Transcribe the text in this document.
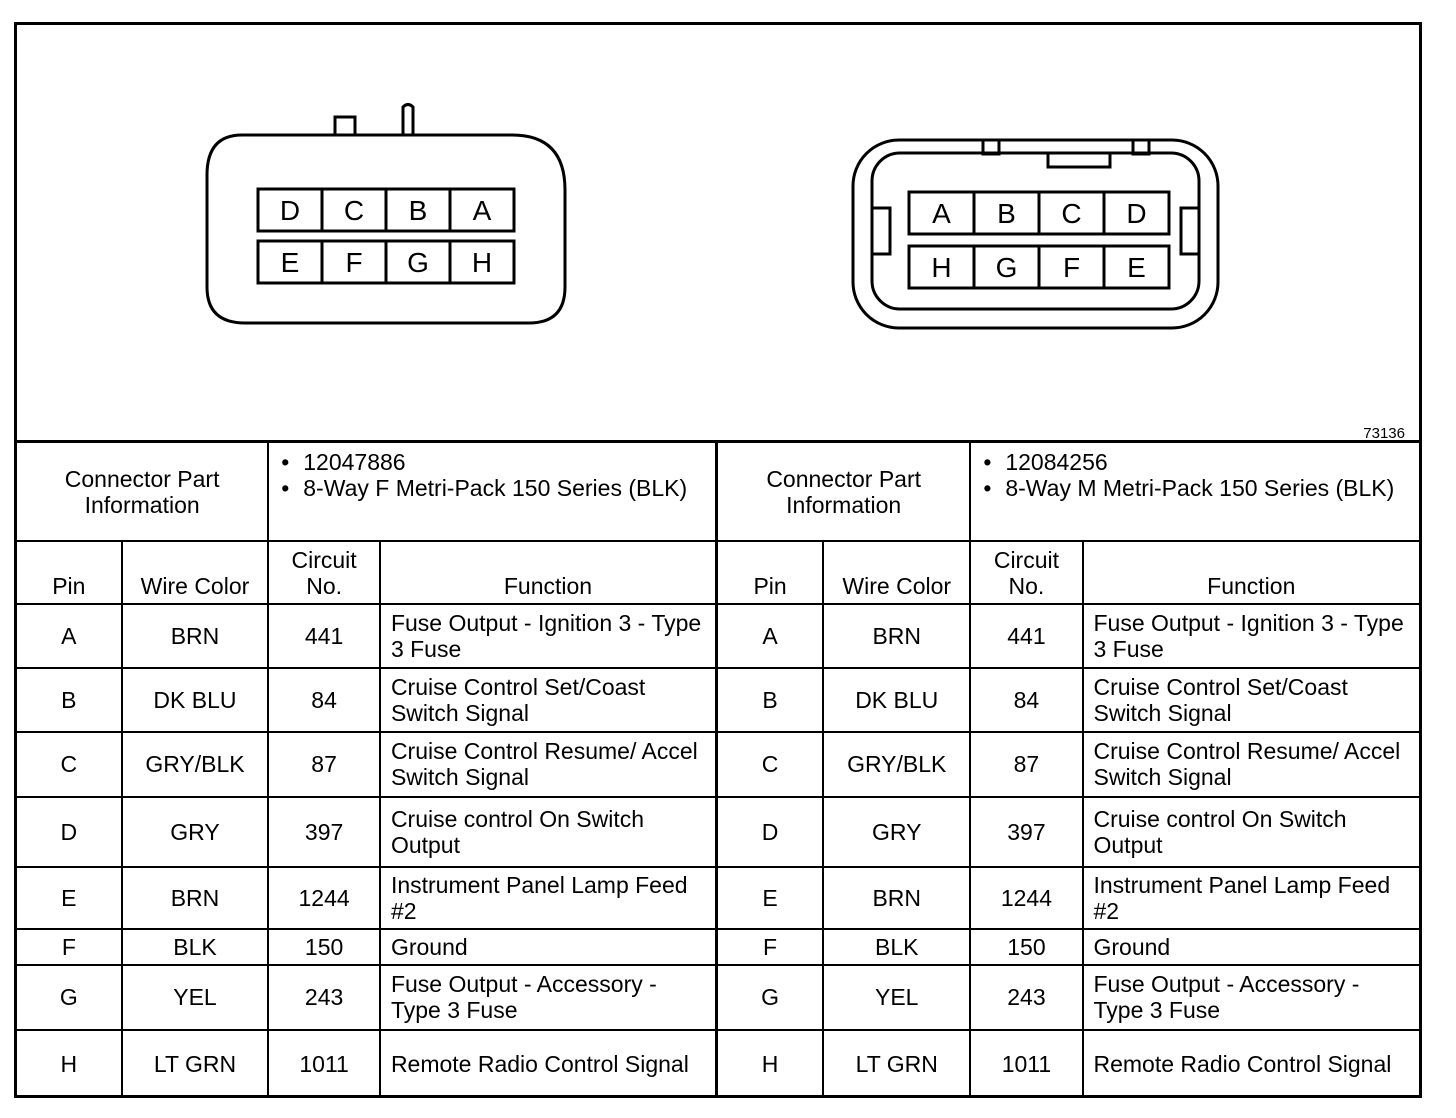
D C B A
E F G H
A B C D
H G F E
73136
Connector Part Information		• 12047886
• 8-Way F Metri-Pack 150 Series (BLK)	

Pin	Wire Color	Circuit No.	Function
A	BRN	441	Fuse Output - Ignition 3 - Type 3 Fuse
B	DK BLU	84	Cruise Control Set/Coast Switch Signal
C	GRY/BLK	87	Cruise Control Resume/ Accel Switch Signal
D	GRY	397	Cruise control On Switch Output
E	BRN	1244	Instrument Panel Lamp Feed #2
F	BLK	150	Ground
G	YEL	243	Fuse Output - Accessory - Type 3 Fuse
H	LT GRN	1011	Remote Radio Control Signal
Connector Part Information		• 12084256
• 8-Way M Metri-Pack 150 Series (BLK)	

Pin	Wire Color	Circuit No.	Function
A	BRN	441	Fuse Output - Ignition 3 - Type 3 Fuse
B	DK BLU	84	Cruise Control Set/Coast Switch Signal
C	GRY/BLK	87	Cruise Control Resume/ Accel Switch Signal
D	GRY	397	Cruise control On Switch Output
E	BRN	1244	Instrument Panel Lamp Feed #2
F	BLK	150	Ground
G	YEL	243	Fuse Output - Accessory - Type 3 Fuse
H	LT GRN	1011	Remote Radio Control Signal
